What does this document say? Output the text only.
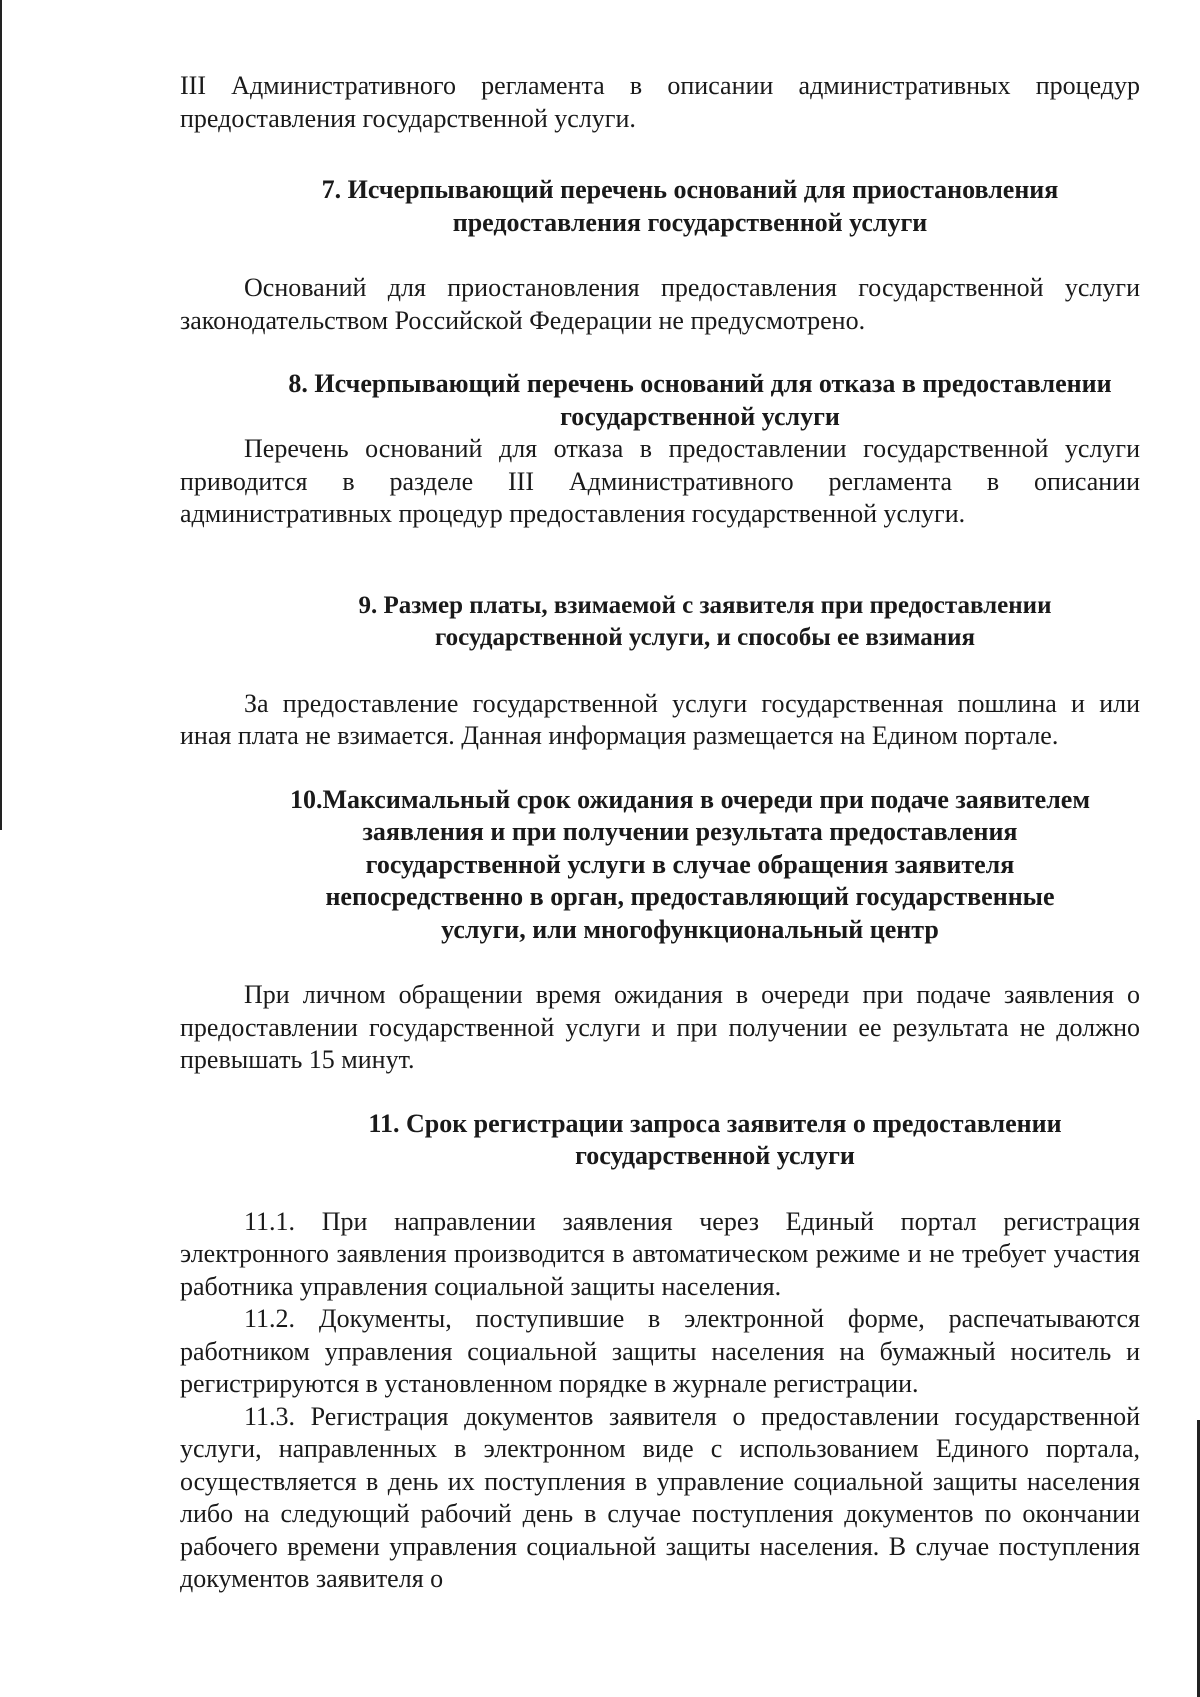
III Административного регламента в описании административных процедур предоставления государственной услуги.

7. Исчерпывающий перечень оснований для приостановления
предоставления государственной услуги

Оснований для приостановления предоставления государственной услуги законодательством Российской Федерации не предусмотрено.

8. Исчерпывающий перечень оснований для отказа в предоставлении
государственной услуги

Перечень оснований для отказа в предоставлении государственной услуги приводится в разделе III Административного регламента в описании административных процедур предоставления государственной услуги.

9. Размер платы, взимаемой с заявителя при предоставлении
государственной услуги, и способы ее взимания

За предоставление государственной услуги государственная пошлина и или иная плата не взимается. Данная информация размещается на Едином портале.

10.Максимальный срок ожидания в очереди при подаче заявителем
заявления и при получении результата предоставления
государственной услуги в случае обращения заявителя
непосредственно в орган, предоставляющий государственные
услуги, или многофункциональный центр

При личном обращении время ожидания в очереди при подаче заявления о предоставлении государственной услуги и при получении ее результата не должно превышать 15 минут.

11. Срок регистрации запроса заявителя о предоставлении
государственной услуги

11.1. При направлении заявления через Единый портал регистрация электронного заявления производится в автоматическом режиме и не требует участия работника управления социальной защиты населения.

11.2. Документы, поступившие в электронной форме, распечатываются работником управления социальной защиты населения на бумажный носитель и регистрируются в установленном порядке в журнале регистрации.

11.3. Регистрация документов заявителя о предоставлении государственной услуги, направленных в электронном виде с использованием Единого портала, осуществляется в день их поступления в управление социальной защиты населения либо на следующий рабочий день в случае поступления документов по окончании рабочего времени управления социальной защиты населения. В случае поступления документов заявителя о
